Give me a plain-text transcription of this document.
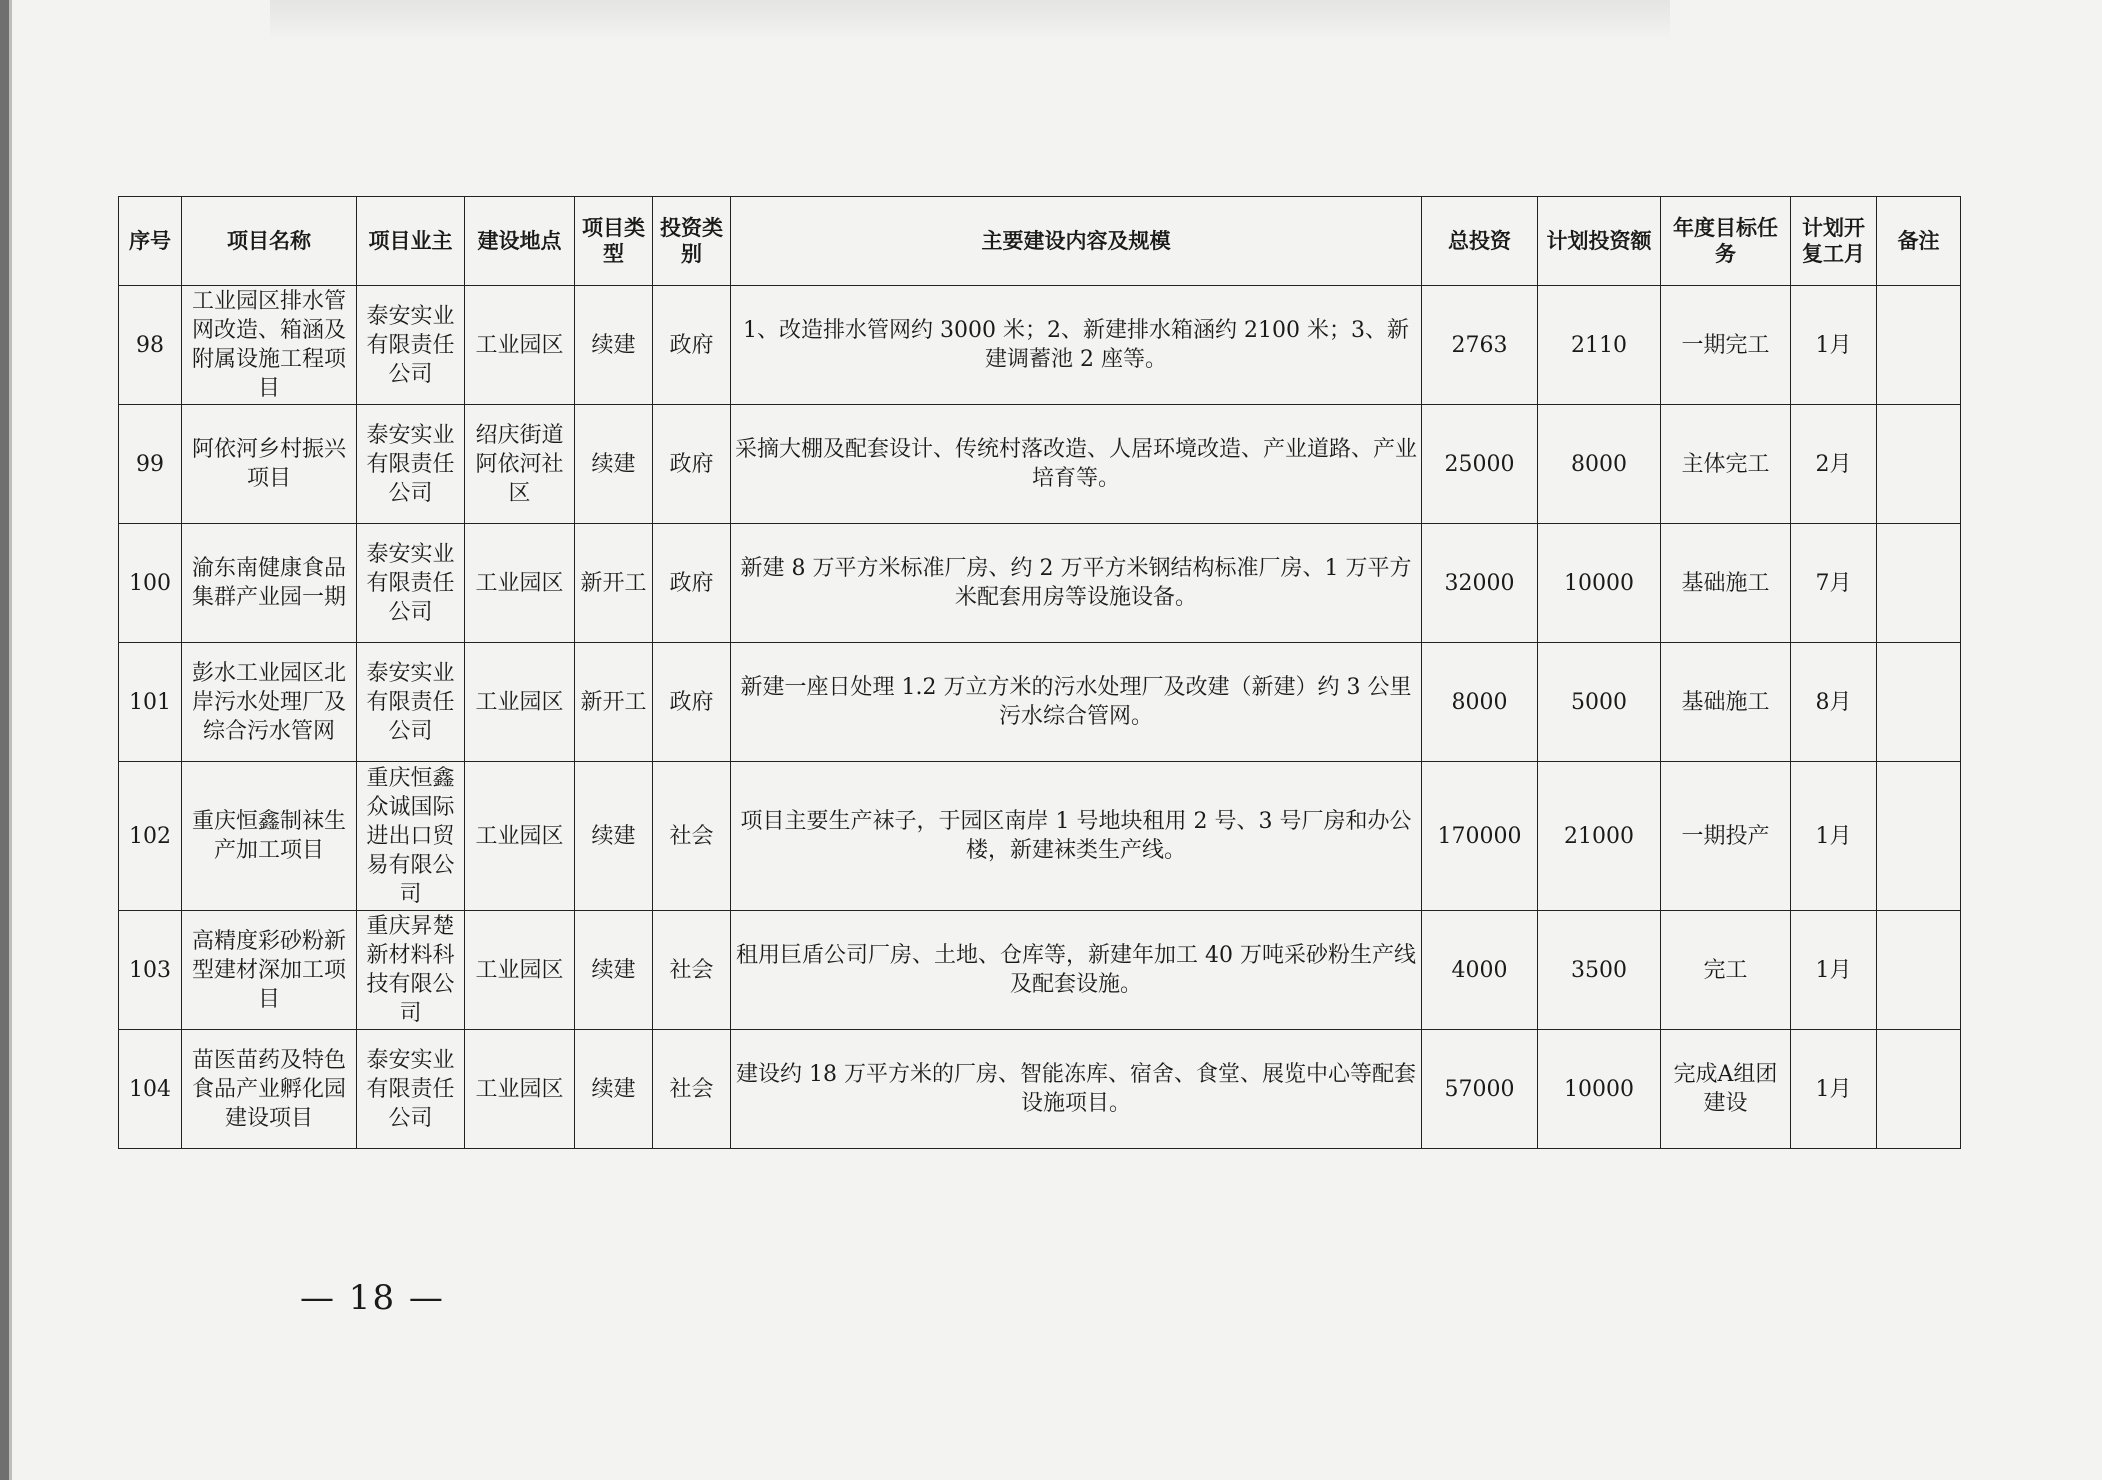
序号	项目名称	项目业主	建设地点	项目类型	投资类别	主要建设内容及规模	总投资	计划投资额	年度目标任务	计划开复工月	备注
98	工业园区排水管网改造、箱涵及附属设施工程项目	泰安实业有限责任公司	工业园区	续建	政府	1、改造排水管网约 3000 米；2、新建排水箱涵约 2100 米；3、新建调蓄池 2 座等。	2763	2110	一期完工	1月	
99	阿依河乡村振兴项目	泰安实业有限责任公司	绍庆街道阿依河社区	续建	政府	采摘大棚及配套设计、传统村落改造、人居环境改造、产业道路、产业培育等。	25000	8000	主体完工	2月	
100	渝东南健康食品集群产业园一期	泰安实业有限责任公司	工业园区	新开工	政府	新建 8 万平方米标准厂房、约 2 万平方米钢结构标准厂房、1 万平方米配套用房等设施设备。	32000	10000	基础施工	7月	
101	彭水工业园区北岸污水处理厂及综合污水管网	泰安实业有限责任公司	工业园区	新开工	政府	新建一座日处理 1.2 万立方米的污水处理厂及改建（新建）约 3 公里污水综合管网。	8000	5000	基础施工	8月	
102	重庆恒鑫制袜生产加工项目	重庆恒鑫众诚国际进出口贸易有限公司	工业园区	续建	社会	项目主要生产袜子，于园区南岸 1 号地块租用 2 号、3 号厂房和办公楼，新建袜类生产线。	170000	21000	一期投产	1月	
103	高精度彩砂粉新型建材深加工项目	重庆昇楚新材料科技有限公司	工业园区	续建	社会	租用巨盾公司厂房、土地、仓库等，新建年加工 40 万吨采砂粉生产线及配套设施。	4000	3500	完工	1月	
104	苗医苗药及特色食品产业孵化园建设项目	泰安实业有限责任公司	工业园区	续建	社会	建设约 18 万平方米的厂房、智能冻库、宿舍、食堂、展览中心等配套设施项目。	57000	10000	完成A组团建设	1月	
— 18 —
